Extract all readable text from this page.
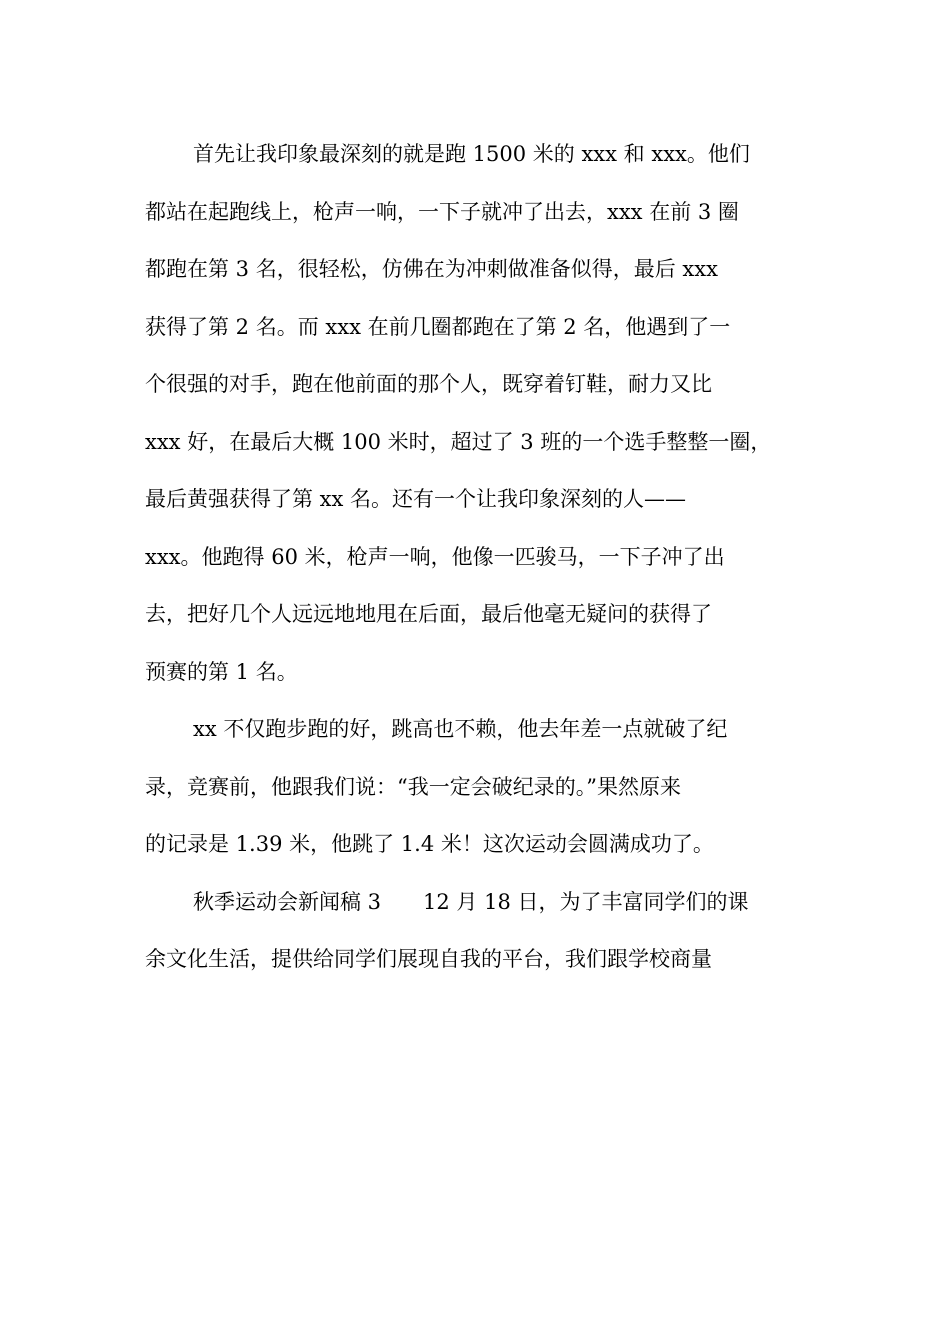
首先让我印象最深刻的就是跑 1500 米的 xxx 和 xxx。他们
都站在起跑线上，枪声一响，一下子就冲了出去，xxx 在前 3 圈
都跑在第 3 名，很轻松，仿佛在为冲刺做准备似得，最后 xxx
获得了第 2 名。而 xxx 在前几圈都跑在了第 2 名，他遇到了一
个很强的对手，跑在他前面的那个人，既穿着钉鞋，耐力又比
xxx 好，在最后大概 100 米时，超过了 3 班的一个选手整整一圈，
最后黄强获得了第 xx 名。还有一个让我印象深刻的人——
xxx。他跑得 60 米，枪声一响，他像一匹骏马，一下子冲了出
去，把好几个人远远地地甩在后面，最后他毫无疑问的获得了
预赛的第 1 名。
xx 不仅跑步跑的好，跳高也不赖，他去年差一点就破了纪
录，竞赛前，他跟我们说：“我一定会破纪录的。”果然原来
的记录是 1.39 米，他跳了 1.4 米！这次运动会圆满成功了。
秋季运动会新闻稿 3　　12 月 18 日，为了丰富同学们的课
余文化生活，提供给同学们展现自我的平台，我们跟学校商量
